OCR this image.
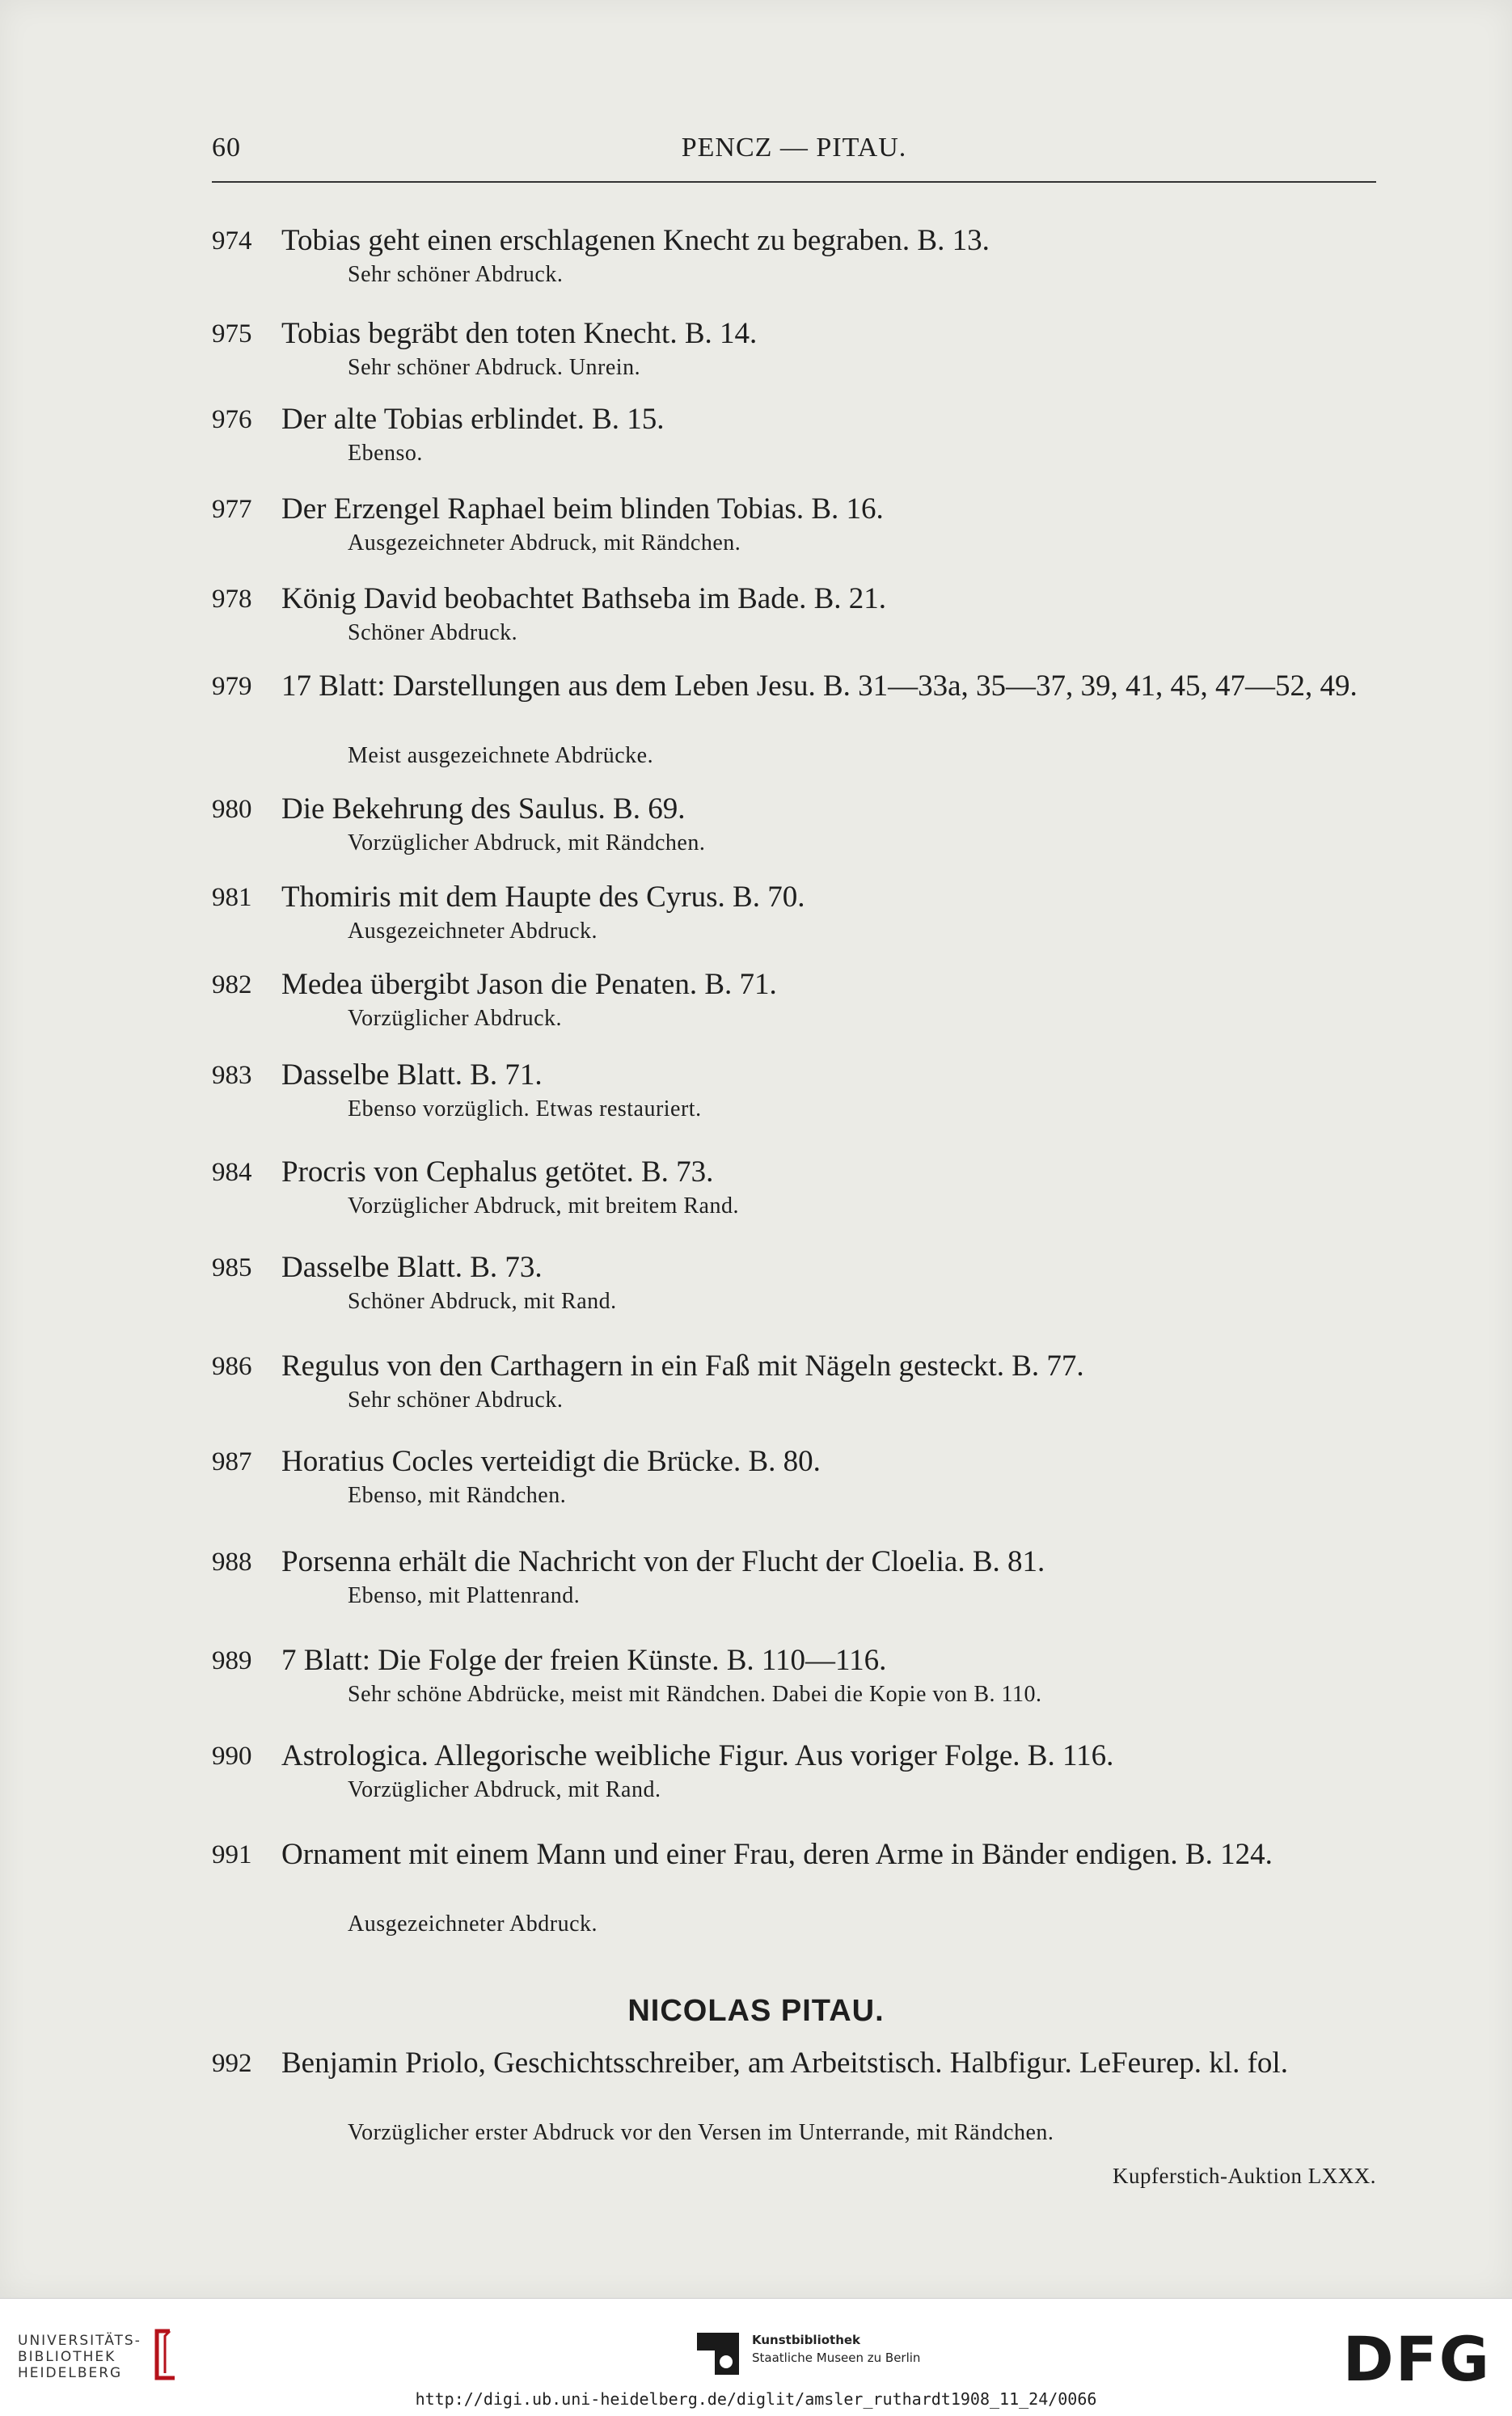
60	PENCZ — PITAU.
974 Tobias geht einen erschlagenen Knecht zu begraben. B. 13.
Sehr schöner Abdruck.
975 Tobias begräbt den toten Knecht. B. 14.
Sehr schöner Abdruck. Unrein.
976 Der alte Tobias erblindet. B. 15.
Ebenso.
977 Der Erzengel Raphael beim blinden Tobias. B. 16.
Ausgezeichneter Abdruck, mit Rändchen.
978 König David beobachtet Bathseba im Bade. B. 21.
Schöner Abdruck.
979 17 Blatt: Darstellungen aus dem Leben Jesu. B. 31—33a, 35—37, 39, 41, 45, 47—52, 49.
Meist ausgezeichnete Abdrücke.
980 Die Bekehrung des Saulus. B. 69.
Vorzüglicher Abdruck, mit Rändchen.
981 Thomiris mit dem Haupte des Cyrus. B. 70.
Ausgezeichneter Abdruck.
982 Medea übergibt Jason die Penaten. B. 71.
Vorzüglicher Abdruck.
983 Dasselbe Blatt. B. 71.
Ebenso vorzüglich. Etwas restauriert.
984 Procris von Cephalus getötet. B. 73.
Vorzüglicher Abdruck, mit breitem Rand.
985 Dasselbe Blatt. B. 73.
Schöner Abdruck, mit Rand.
986 Regulus von den Carthagern in ein Faß mit Nägeln gesteckt. B. 77.
Sehr schöner Abdruck.
987 Horatius Cocles verteidigt die Brücke. B. 80.
Ebenso, mit Rändchen.
988 Porsenna erhält die Nachricht von der Flucht der Cloelia. B. 81.
Ebenso, mit Plattenrand.
989 7 Blatt: Die Folge der freien Künste. B. 110—116.
Sehr schöne Abdrücke, meist mit Rändchen. Dabei die Kopie von B. 110.
990 Astrologica. Allegorische weibliche Figur. Aus voriger Folge. B. 116.
Vorzüglicher Abdruck, mit Rand.
991 Ornament mit einem Mann und einer Frau, deren Arme in Bänder endigen. B. 124.
Ausgezeichneter Abdruck.
NICOLAS PITAU.
992 Benjamin Priolo, Geschichtsschreiber, am Arbeitstisch. Halbfigur. LeFeurep. kl. fol.
Vorzüglicher erster Abdruck vor den Versen im Unterrande, mit Rändchen.
Kupferstich-Auktion LXXX.
UNIVERSITÄTS-
BIBLIOTHEK
HEIDELBERG
Kunstbibliothek
Staatliche Museen zu Berlin	DFG
http://digi.ub.uni-heidelberg.de/diglit/amsler_ruthardt1908_11_24/0066
